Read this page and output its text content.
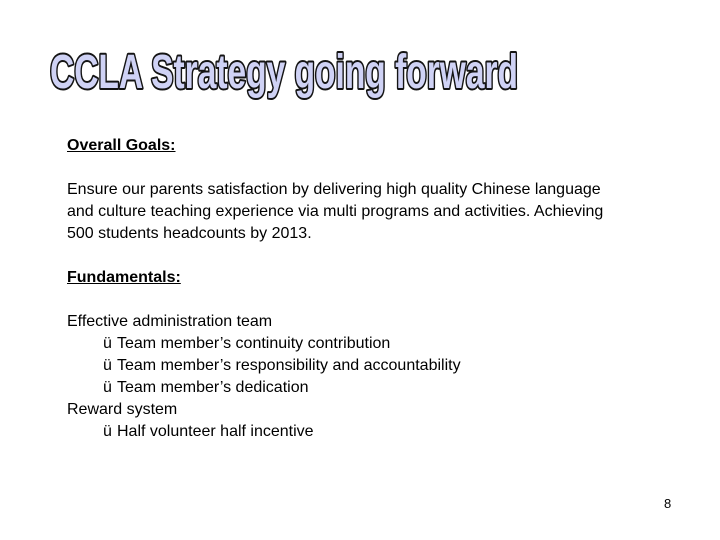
CCLA Strategy going forward

Overall Goals:

Ensure our parents satisfaction by delivering high quality Chinese language and culture teaching experience via multi programs and activities. Achieving 500 students headcounts by 2013.

Fundamentals:

Effective administration team
ü Team member’s continuity contribution
ü Team member’s responsibility and accountability
ü Team member’s dedication
Reward system
ü Half volunteer half incentive
8
